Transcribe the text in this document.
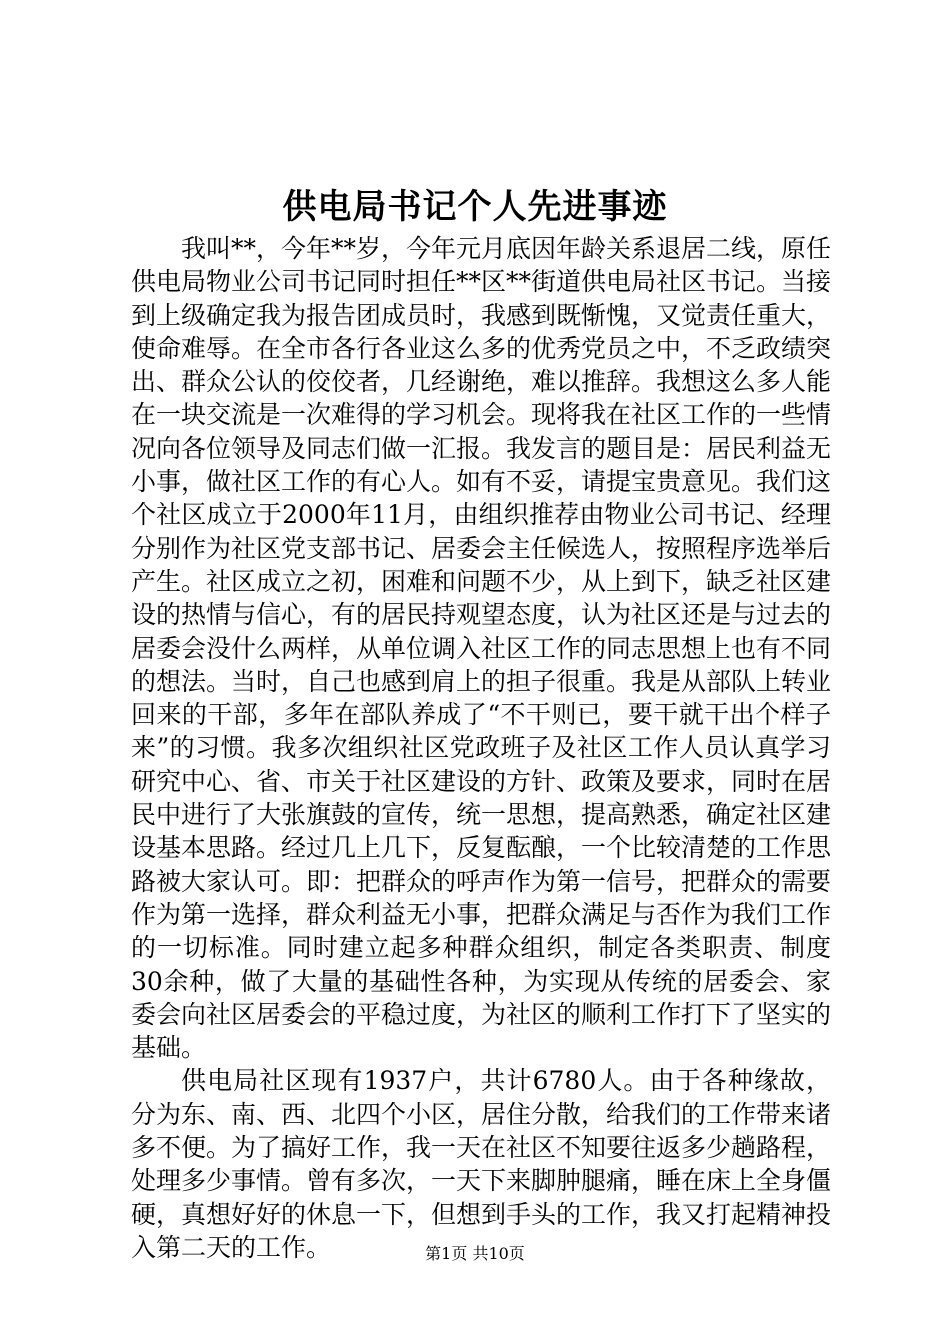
供电局书记个人先进事迹

我叫**，今年**岁，今年元月底因年龄关系退居二线，原任供电局物业公司书记同时担任**区**街道供电局社区书记。当接到上级确定我为报告团成员时，我感到既惭愧，又觉责任重大，使命难辱。在全市各行各业这么多的优秀党员之中，不乏政绩突出、群众公认的佼佼者，几经谢绝，难以推辞。我想这么多人能在一块交流是一次难得的学习机会。现将我在社区工作的一些情况向各位领导及同志们做一汇报。我发言的题目是：居民利益无小事，做社区工作的有心人。如有不妥，请提宝贵意见。我们这个社区成立于2000年11月，由组织推荐由物业公司书记、经理分别作为社区党支部书记、居委会主任候选人，按照程序选举后产生。社区成立之初，困难和问题不少，从上到下，缺乏社区建设的热情与信心，有的居民持观望态度，认为社区还是与过去的居委会没什么两样，从单位调入社区工作的同志思想上也有不同的想法。当时，自己也感到肩上的担子很重。我是从部队上转业回来的干部，多年在部队养成了“不干则已，要干就干出个样子来”的习惯。我多次组织社区党政班子及社区工作人员认真学习研究中心、省、市关于社区建设的方针、政策及要求，同时在居民中进行了大张旗鼓的宣传，统一思想，提高熟悉，确定社区建设基本思路。经过几上几下，反复酝酿，一个比较清楚的工作思路被大家认可。即：把群众的呼声作为第一信号，把群众的需要作为第一选择，群众利益无小事，把群众满足与否作为我们工作的一切标准。同时建立起多种群众组织，制定各类职责、制度30余种，做了大量的基础性各种，为实现从传统的居委会、家委会向社区居委会的平稳过度，为社区的顺利工作打下了坚实的基础。

供电局社区现有1937户，共计6780人。由于各种缘故，分为东、南、西、北四个小区，居住分散，给我们的工作带来诸多不便。为了搞好工作，我一天在社区不知要往返多少趟路程，处理多少事情。曾有多次，一天下来脚肿腿痛，睡在床上全身僵硬，真想好好的休息一下，但想到手头的工作，我又打起精神投入第二天的工作。	第1页 共10页
